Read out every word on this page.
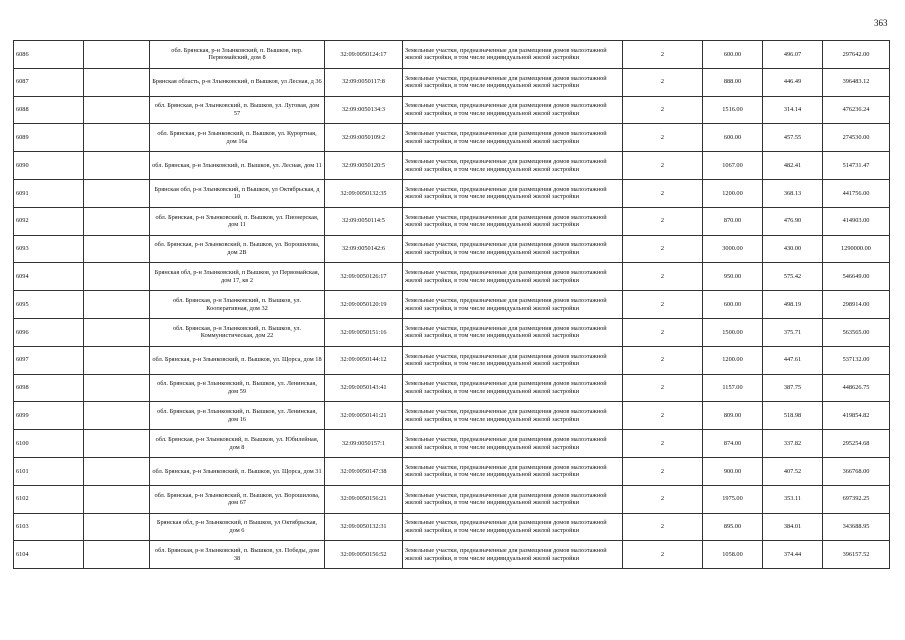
363
6086		обл. Брянская, р-н Злынковский, п. Вышков, пер. Первомайский, дом 8	32:09:0050124:17	Земельные участки, предназначенные для размещения домов малоэтажной жилой застройки, в том числе индивидуальной жилой застройки	2	600.00	496.07	297642.00
6087		Брянская область, р-н Злынковский, п Вышков, ул Лесная, д 36	32:09:0050117:8	Земельные участки, предназначенные для размещения домов малоэтажной жилой застройки, в том числе индивидуальной жилой застройки	2	888.00	446.49	396483.12
6088		обл. Брянская, р-н Злынковский, п. Вышков, ул. Луговая, дом 57	32:09:0050134:3	Земельные участки, предназначенные для размещения домов малоэтажной жилой застройки, в том числе индивидуальной жилой застройки	2	1516.00	314.14	476236.24
6089		обл. Брянская, р-н Злынковский, п. Вышков, ул. Курортная, дом 16а	32:09:0050109:2	Земельные участки, предназначенные для размещения домов малоэтажной жилой застройки, в том числе индивидуальной жилой застройки	2	600.00	457.55	274530.00
6090		обл. Брянская, р-н Злынковский, п. Вышков, ул. Лесная, дом 11	32:09:0050120:5	Земельные участки, предназначенные для размещения домов малоэтажной жилой застройки, в том числе индивидуальной жилой застройки	2	1067.00	482.41	514731.47
6091		Брянская обл, р-н Злынковский, п Вышков, ул Октябрьская, д 10	32:09:0050132:35	Земельные участки, предназначенные для размещения домов малоэтажной жилой застройки, в том числе индивидуальной жилой застройки	2	1200.00	368.13	441756.00
6092		обл. Брянская, р-н Злынковский, п. Вышков, ул. Пионерская, дом 11	32:09:0050114:5	Земельные участки, предназначенные для размещения домов малоэтажной жилой застройки, в том числе индивидуальной жилой застройки	2	870.00	476.90	414903.00
6093		обл. Брянская, р-н Злынковский, п. Вышков, ул. Ворошилова, дом 2В	32:09:0050142:6	Земельные участки, предназначенные для размещения домов малоэтажной жилой застройки, в том числе индивидуальной жилой застройки	2	3000.00	430.00	1290000.00
6094		Брянская обл, р-н Злынковский, п Вышков, ул Первомайская, дом 17, кв 2	32:09:0050126:17	Земельные участки, предназначенные для размещения домов малоэтажной жилой застройки, в том числе индивидуальной жилой застройки	2	950.00	575.42	546649.00
6095		обл. Брянская, р-н Злынковский, п. Вышков, ул. Кооперативная, дом 32	32:09:0050120:19	Земельные участки, предназначенные для размещения домов малоэтажной жилой застройки, в том числе индивидуальной жилой застройки	2	600.00	498.19	298914.00
6096		обл. Брянская, р-н Злынковский, п. Вышков, ул. Коммунистическая, дом 22	32:09:0050151:16	Земельные участки, предназначенные для размещения домов малоэтажной жилой застройки, в том числе индивидуальной жилой застройки	2	1500.00	375.71	563565.00
6097		обл. Брянская, р-н Злынковский, п. Вышков, ул. Щорса, дом 18	32:09:0050144:12	Земельные участки, предназначенные для размещения домов малоэтажной жилой застройки, в том числе индивидуальной жилой застройки	2	1200.00	447.61	537132.00
6098		обл. Брянская, р-н Злынковский, п. Вышков, ул. Ленинская, дом 59	32:09:0050143:41	Земельные участки, предназначенные для размещения домов малоэтажной жилой застройки, в том числе индивидуальной жилой застройки	2	1157.00	387.75	448626.75
6099		обл. Брянская, р-н Злынковский, п. Вышков, ул. Ленинская, дом 16	32:09:0050141:21	Земельные участки, предназначенные для размещения домов малоэтажной жилой застройки, в том числе индивидуальной жилой застройки	2	809.00	518.98	419854.82
6100		обл. Брянская, р-н Злынковский, п. Вышков, ул. Юбилейная, дом 8	32:09:0050157:1	Земельные участки, предназначенные для размещения домов малоэтажной жилой застройки, в том числе индивидуальной жилой застройки	2	874.00	337.82	295254.68
6101		обл. Брянская, р-н Злынковский, п. Вышков, ул. Щорса, дом 31	32:09:0050147:38	Земельные участки, предназначенные для размещения домов малоэтажной жилой застройки, в том числе индивидуальной жилой застройки	2	900.00	407.52	366768.00
6102		обл. Брянская, р-н Злынковский, п. Вышков, ул. Ворошилова, дом 67	32:09:0050156:21	Земельные участки, предназначенные для размещения домов малоэтажной жилой застройки, в том числе индивидуальной жилой застройки	2	1975.00	353.11	697392.25
6103		Брянская обл, р-н Злынковский, п Вышков, ул Октябрьская, дом 6	32:09:0050132:31	Земельные участки, предназначенные для размещения домов малоэтажной жилой застройки, в том числе индивидуальной жилой застройки	2	895.00	384.01	343688.95
6104		обл. Брянская, р-н Злынковский, п. Вышков, ул. Победы, дом 38	32:09:0050156:52	Земельные участки, предназначенные для размещения домов малоэтажной жилой застройки, в том числе индивидуальной жилой застройки	2	1058.00	374.44	396157.52
